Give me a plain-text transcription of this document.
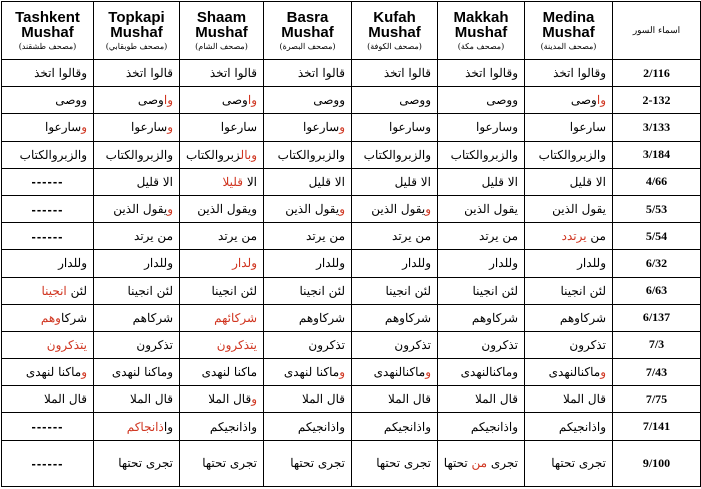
Tashkent
Mushaf
(مصحف طشقند)	Topkapi
Mushaf
(مصحف طوبقابي)	Shaam
Mushaf
(مصحف الشام)	Basra
Mushaf
(مصحف البصرة)	Kufah
Mushaf
(مصحف الكوفة)	Makkah
Mushaf
(مصحف مكة)	Medina
Mushaf
(مصحف المدينة)	اسماء السور
وقالوا اتخذ	قالوا اتخذ	قالوا اتخذ	قالوا اتخذ	قالوا اتخذ	وقالوا اتخذ	وقالوا اتخذ	2/116
ووصى	واوصى	واوصى	ووصى	ووصى	ووصى	واوصى	2-132
وسارعوا	وسارعوا	سارعوا	وسارعوا	وسارعوا	وسارعوا	سارعوا	3/133
والزبروالكتاب	والزبروالكتاب	وبالزبروالكتاب	والزبروالكتاب	والزبروالكتاب	والزبروالكتاب	والزبروالكتاب	3/184
------	الا قليل	الا قليلا	الا قليل	الا قليل	الا قليل	الا قليل	4/66
------	ويقول الذين	ويقول الذين	ويقول الذين	ويقول الذين	يقول الذين	يقول الذين	5/53
------	من يرتد	من يرتد	من يرتد	من يرتد	من يرتد	من يرتدد	5/54
وللدار	وللدار	ولدار	وللدار	وللدار	وللدار	وللدار	6/32
لئن انجينا	لئن انجينا	لئن انجينا	لئن انجينا	لئن انجينا	لئن انجينا	لئن انجينا	6/63
شركاوهم	شركاهم	شركائهم	شركاوهم	شركاوهم	شركاوهم	شركاوهم	6/137
يتذكرون	تذكرون	يتذكرون	تذكرون	تذكرون	تذكرون	تذكرون	7/3
وماكنا لنهدى	وماكنا لنهدى	ماكنا لنهدى	وماكنا لنهدى	وماكنالنهدى	وماكنالنهدى	وماكنالنهدى	7/43
قال الملا	قال الملا	وقال الملا	قال الملا	قال الملا	قال الملا	قال الملا	7/75
------	واذانجاكم	واذانجيكم	واذانجيكم	واذانجيكم	واذانجيكم	واذانجيكم	7/141
------	تجرى تحتها	تجرى تحتها	تجرى تحتها	تجرى تحتها	تجرى من تحتها	تجرى تحتها	9/100
